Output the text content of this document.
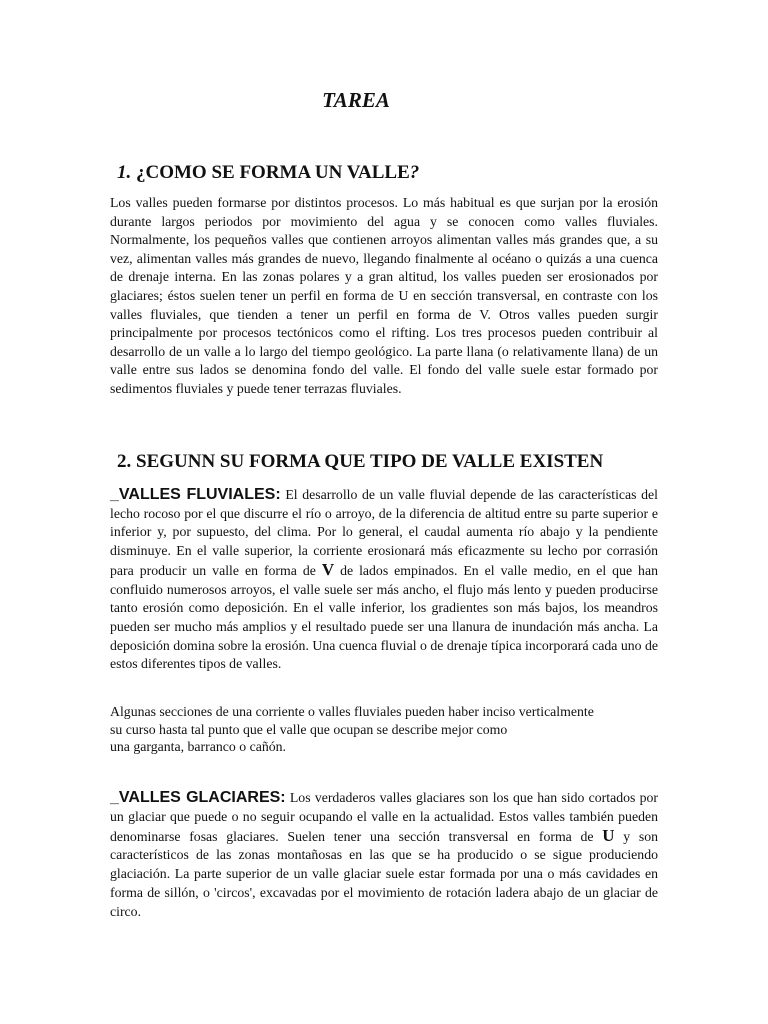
TAREA
1. ¿COMO SE FORMA UN VALLE?
Los valles pueden formarse por distintos procesos. Lo más habitual es que surjan por la erosión durante largos periodos por movimiento del agua y se conocen como valles fluviales. Normalmente, los pequeños valles que contienen arroyos alimentan valles más grandes que, a su vez, alimentan valles más grandes de nuevo, llegando finalmente al océano o quizás a una cuenca de drenaje interna. En las zonas polares y a gran altitud, los valles pueden ser erosionados por glaciares; éstos suelen tener un perfil en forma de U en sección transversal, en contraste con los valles fluviales, que tienden a tener un perfil en forma de V. Otros valles pueden surgir principalmente por procesos tectónicos como el rifting. Los tres procesos pueden contribuir al desarrollo de un valle a lo largo del tiempo geológico. La parte llana (o relativamente llana) de un valle entre sus lados se denomina fondo del valle. El fondo del valle suele estar formado por sedimentos fluviales y puede tener terrazas fluviales.
2. SEGUNN SU FORMA QUE TIPO DE VALLE EXISTEN
_VALLES FLUVIALES: El desarrollo de un valle fluvial depende de las características del lecho rocoso por el que discurre el río o arroyo, de la diferencia de altitud entre su parte superior e inferior y, por supuesto, del clima. Por lo general, el caudal aumenta río abajo y la pendiente disminuye. En el valle superior, la corriente erosionará más eficazmente su lecho por corrasión para producir un valle en forma de V de lados empinados. En el valle medio, en el que han confluido numerosos arroyos, el valle suele ser más ancho, el flujo más lento y pueden producirse tanto erosión como deposición. En el valle inferior, los gradientes son más bajos, los meandros pueden ser mucho más amplios y el resultado puede ser una llanura de inundación más ancha. La deposición domina sobre la erosión. Una cuenca fluvial o de drenaje típica incorporará cada uno de estos diferentes tipos de valles.
Algunas secciones de una corriente o valles fluviales pueden haber inciso verticalmente
su curso hasta tal punto que el valle que ocupan se describe mejor como
una garganta, barranco o cañón.
_VALLES GLACIARES: Los verdaderos valles glaciares son los que han sido cortados por un glaciar que puede o no seguir ocupando el valle en la actualidad. Estos valles también pueden denominarse fosas glaciares. Suelen tener una sección transversal en forma de U y son característicos de las zonas montañosas en las que se ha producido o se sigue produciendo glaciación. La parte superior de un valle glaciar suele estar formada por una o más cavidades en forma de sillón, o 'circos', excavadas por el movimiento de rotación ladera abajo de un glaciar de circo.
